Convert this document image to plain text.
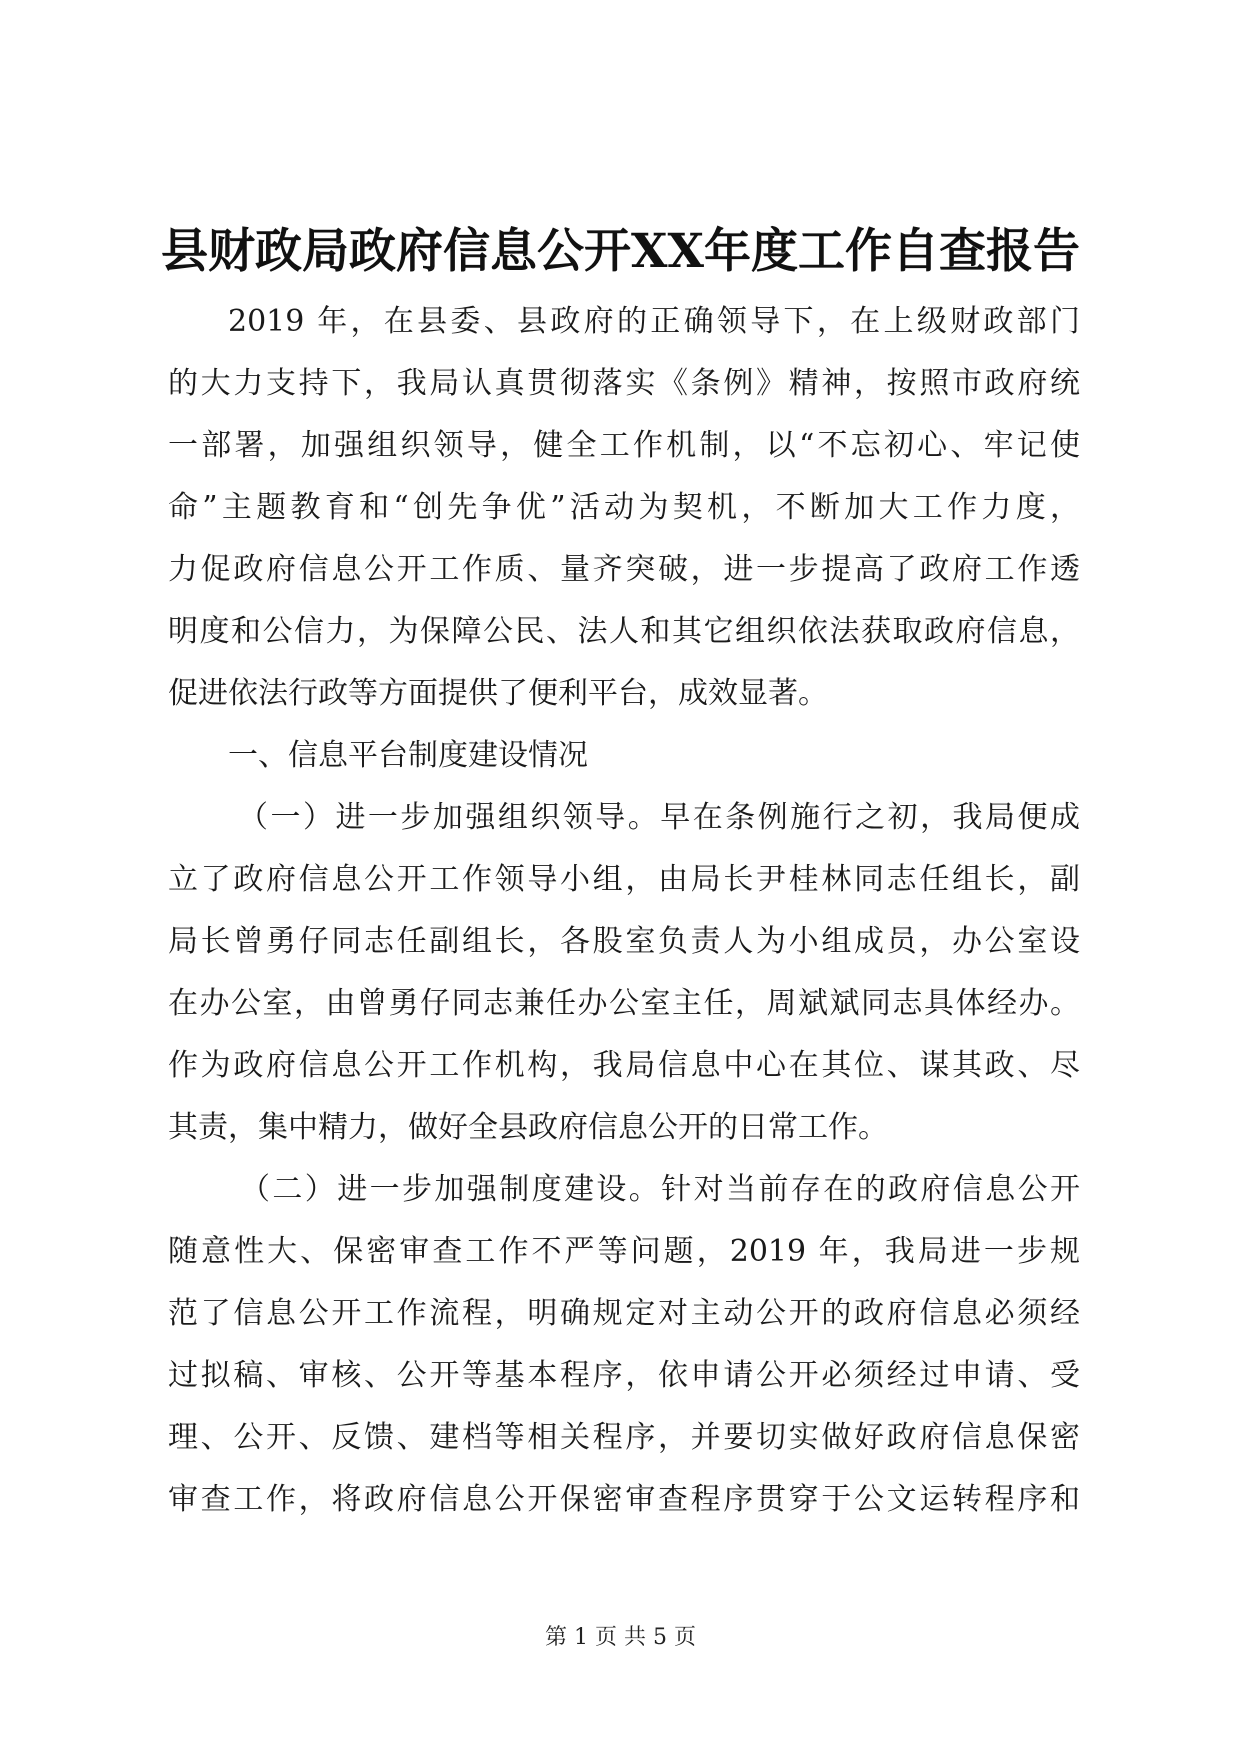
县财政局政府信息公开XX年度工作自查报告
2019 年，在县委、县政府的正确领导下，在上级财政部门
的大力支持下，我局认真贯彻落实《条例》精神，按照市政府统
一部署，加强组织领导，健全工作机制，以“不忘初心、牢记使
命”主题教育和“创先争优”活动为契机，不断加大工作力度，
力促政府信息公开工作质、量齐突破，进一步提高了政府工作透
明度和公信力，为保障公民、法人和其它组织依法获取政府信息，
促进依法行政等方面提供了便利平台，成效显著。
一、信息平台制度建设情况
（一）进一步加强组织领导。早在条例施行之初，我局便成
立了政府信息公开工作领导小组，由局长尹桂林同志任组长，副
局长曾勇仔同志任副组长，各股室负责人为小组成员，办公室设
在办公室，由曾勇仔同志兼任办公室主任，周斌斌同志具体经办。
作为政府信息公开工作机构，我局信息中心在其位、谋其政、尽
其责，集中精力，做好全县政府信息公开的日常工作。
（二）进一步加强制度建设。针对当前存在的政府信息公开
随意性大、保密审查工作不严等问题，2019 年，我局进一步规
范了信息公开工作流程，明确规定对主动公开的政府信息必须经
过拟稿、审核、公开等基本程序，依申请公开必须经过申请、受
理、公开、反馈、建档等相关程序，并要切实做好政府信息保密
审查工作，将政府信息公开保密审查程序贯穿于公文运转程序和
第 1 页 共 5 页
